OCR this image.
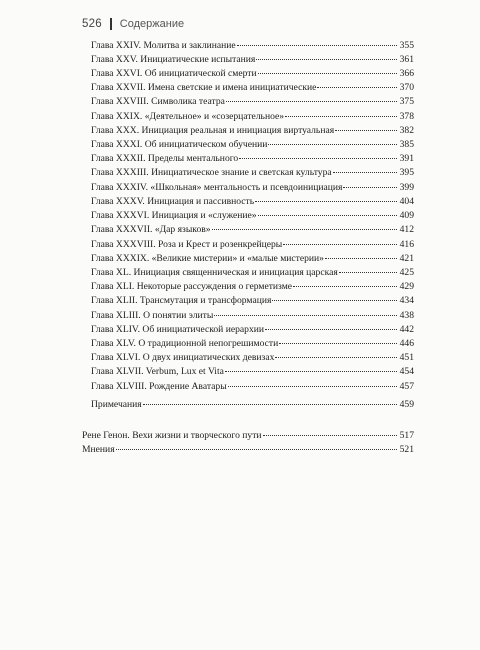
526 Содержание
Глава XXIV. Молитва и заклинание	355
Глава XXV. Инициатические испытания	361
Глава XXVI. Об инициатической смерти	366
Глава XXVII. Имена светские и имена инициатические	370
Глава XXVIII. Символика театра	375
Глава XXIX. «Деятельное» и «созерцательное»	378
Глава XXX. Инициация реальная и инициация виртуальная	382
Глава XXXI. Об инициатическом обучении	385
Глава XXXII. Пределы ментального	391
Глава XXXIII. Инициатическое знание и светская культура	395
Глава XXXIV. «Школьная» ментальность и псевдоинициация	399
Глава XXXV. Инициация и пассивность	404
Глава XXXVI. Инициация и «служение»	409
Глава XXXVII. «Дар языков»	412
Глава XXXVIII. Роза и Крест и розенкрейцеры	416
Глава XXXIX. «Великие мистерии» и «малые мистерии»	421
Глава XL. Инициация священническая и инициация царская	425
Глава XLI. Некоторые рассуждения о герметизме	429
Глава XLII. Трансмутация и трансформация	434
Глава XLIII. О понятии элиты	438
Глава XLIV. Об инициатической иерархии	442
Глава XLV. О традиционной непогрешимости	446
Глава XLVI. О двух инициатических девизах	451
Глава XLVII. Verbum, Lux et Vita	454
Глава XLVIII. Рождение Аватары	457
Примечания	459
Рене Генон. Вехи жизни и творческого пути	517
Мнения	521
